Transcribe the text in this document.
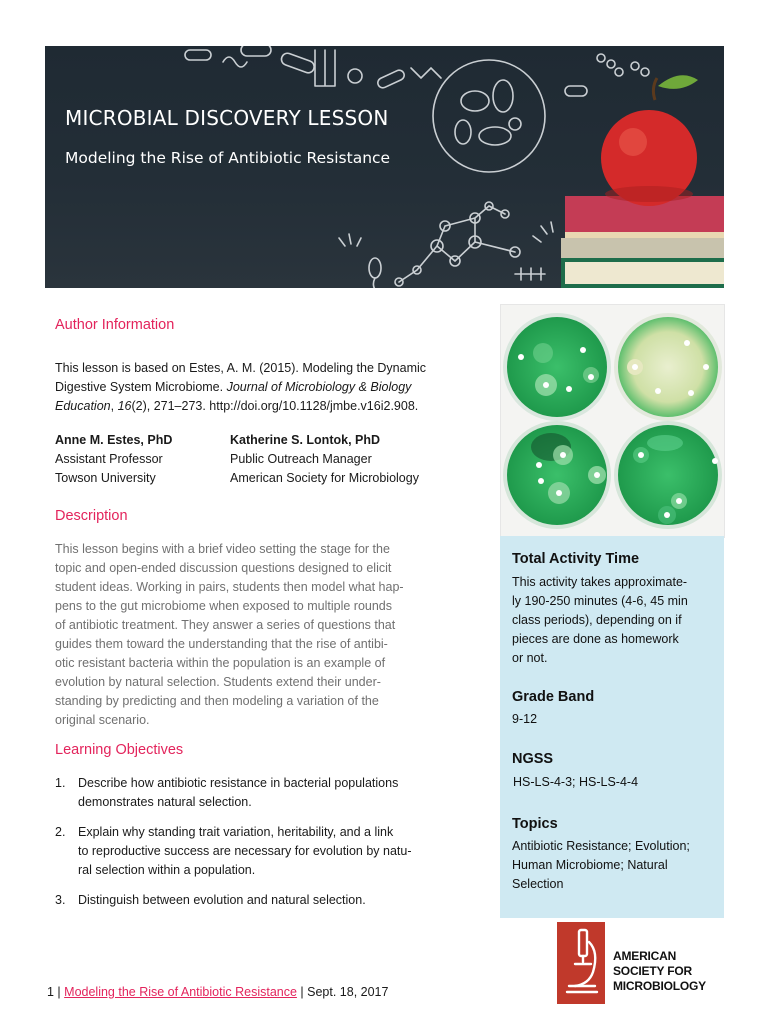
MICROBIAL DISCOVERY LESSON
Modeling the Rise of Antibiotic Resistance
Author Information
This lesson is based on Estes, A. M. (2015). Modeling the Dynamic
Digestive System Microbiome. Journal of Microbiology & Biology
Education, 16(2), 271–273. http://doi.org/10.1128/jmbe.v16i2.908.
Anne M. Estes, PhD
Assistant Professor
Towson University
Katherine S. Lontok, PhD
Public Outreach Manager
American Society for Microbiology
Description
This lesson begins with a brief video setting the stage for the
topic and open-ended discussion questions designed to elicit
student ideas. Working in pairs, students then model what hap-
pens to the gut microbiome when exposed to multiple rounds
of antibiotic treatment. They answer a series of questions that
guides them toward the understanding that the rise of antibi-
otic resistant bacteria within the population is an example of
evolution by natural selection. Students extend their under-
standing by predicting and then modeling a variation of the
original scenario.
Learning Objectives
1. Describe how antibiotic resistance in bacterial populations
demonstrates natural selection.
2. Explain why standing trait variation, heritability, and a link
to reproductive success are necessary for evolution by natu-
ral selection within a population.
3. Distinguish between evolution and natural selection.
Total Activity Time
This activity takes approximate-
ly 190-250 minutes (4-6, 45 min
class periods), depending on if
pieces are done as homework
or not.
Grade Band
9-12
NGSS
HS-LS-4-3; HS-LS-4-4
Topics
Antibiotic Resistance; Evolution;
Human Microbiome; Natural
Selection
AMERICAN
SOCIETY FOR
MICROBIOLOGY
1 | Modeling the Rise of Antibiotic Resistance | Sept. 18, 2017
